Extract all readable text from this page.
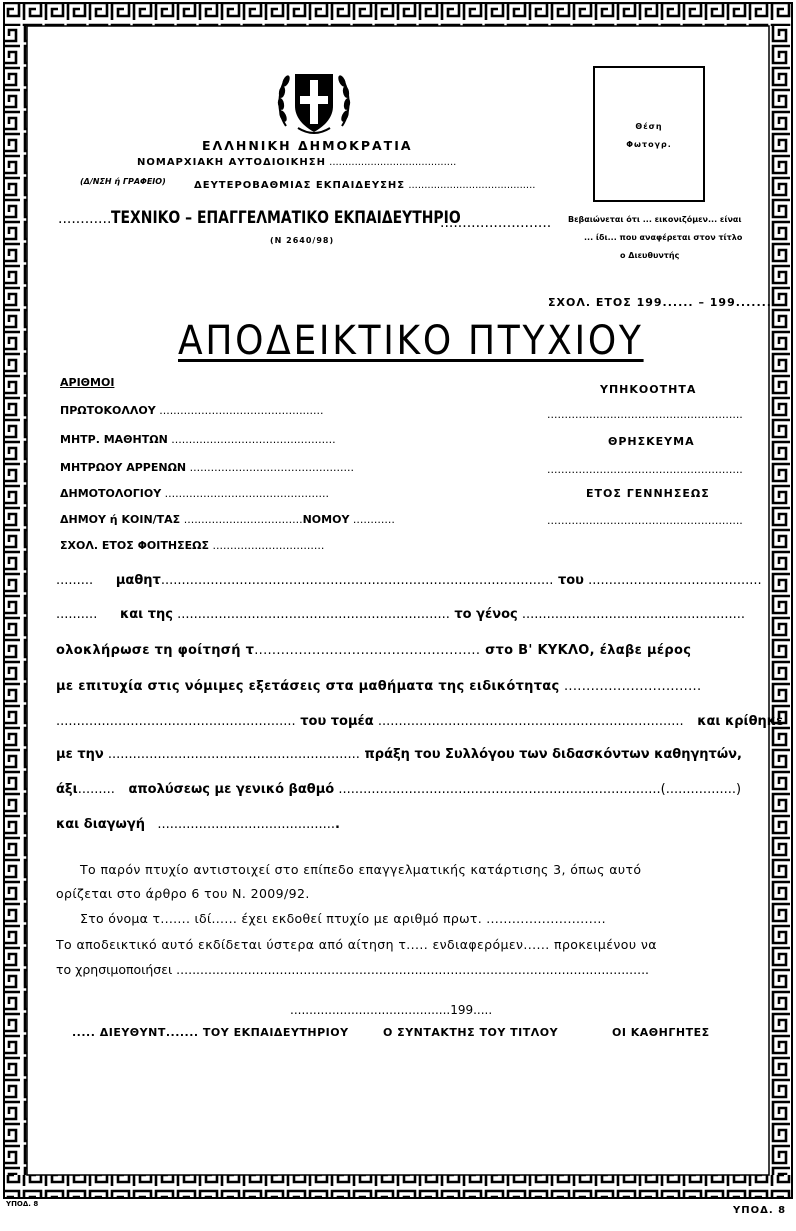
ΕΛΛΗΝΙΚΗ ΔΗΜΟΚΡΑΤΙΑ
ΝΟΜΑΡΧΙΑΚΗ ΑΥΤΟΔΙΟΙΚΗΣΗ ........................................
(Δ/ΝΣΗ ή ΓΡΑΦΕΙΟ)	ΔΕΥΤΕΡΟΒΑΘΜΙΑΣ ΕΚΠΑΙΔΕΥΣΗΣ ........................................
............ΤΕΧΝΙΚΟ – ΕΠΑΓΓΕΛΜΑΤΙΚΟ ΕΚΠΑΙΔΕΥΤΗΡΙΟ
.........................
(Ν 2640/98)
Θέση
Φωτογρ.
Βεβαιώνεται ότι ... εικονιζόμεν... είναι
... ίδι... που αναφέρεται στον τίτλο
ο Διευθυντής
ΣΧΟΛ. ΕΤΟΣ 199...... – 199.......
ΑΠΟΔΕΙΚΤΙΚΟ ΠΤΥΧΙΟΥ
ΑΡΙΘΜΟΙ
ΠΡΩΤΟΚΟΛΛΟΥ ...............................................
ΜΗΤΡ. ΜΑΘΗΤΩΝ ...............................................
ΜΗΤΡΩΟΥ ΑΡΡΕΝΩΝ ...............................................
ΔΗΜΟΤΟΛΟΓΙΟΥ ...............................................
ΔΗΜΟΥ ή ΚΟΙΝ/ΤΑΣ ..................................ΝΟΜΟΥ ............
ΣΧΟΛ. ΕΤΟΣ ΦΟΙΤΗΣΕΩΣ ................................
ΥΠΗΚΟΟΤΗΤΑ
........................................................
ΘΡΗΣΚΕΥΜΑ
........................................................
ΕΤΟΣ ΓΕΝΝΗΣΕΩΣ
........................................................
......... μαθητ............................................................................................... του ..........................................
.......... και της .................................................................. το γένος ......................................................
ολοκλήρωσε τη φοίτησή τ................................................... στο Β' ΚΥΚΛΟ, έλαβε μέρος
με επιτυχία στις νόμιμες εξετάσεις στα μαθήματα της ειδικότητας ...............................
.......................................................... του τομέα .......................................................................... και κρίθηκε
με την ............................................................. πράξη του Συλλόγου των διδασκόντων καθηγητών,
άξι......... απολύσεως με γενικό βαθμό ..............................................................................(.................)
και διαγωγή   ............................................
Το παρόν πτυχίο αντιστοιχεί στο επίπεδο επαγγελματικής κατάρτισης 3, όπως αυτό
ορίζεται στο άρθρο 6 του Ν. 2009/92.
Στο όνομα τ....... ιδί...... έχει εκδοθεί πτυχίο με αριθμό πρωτ. ............................
Το αποδεικτικό αυτό εκδίδεται ύστερα από αίτηση τ..... ενδιαφερόμεν...... προκειμένου να
το χρησιμοποιήσει .......................................................................................................................
..........................................199.....
..... ΔΙΕΥΘΥΝΤ....... ΤΟΥ ΕΚΠΑΙΔΕΥΤΗΡΙΟΥ	Ο ΣΥΝΤΑΚΤΗΣ ΤΟΥ ΤΙΤΛΟΥ	ΟΙ ΚΑΘΗΓΗΤΕΣ
ΥΠΟΔ. 8
ΥΠΟΔ. 8
